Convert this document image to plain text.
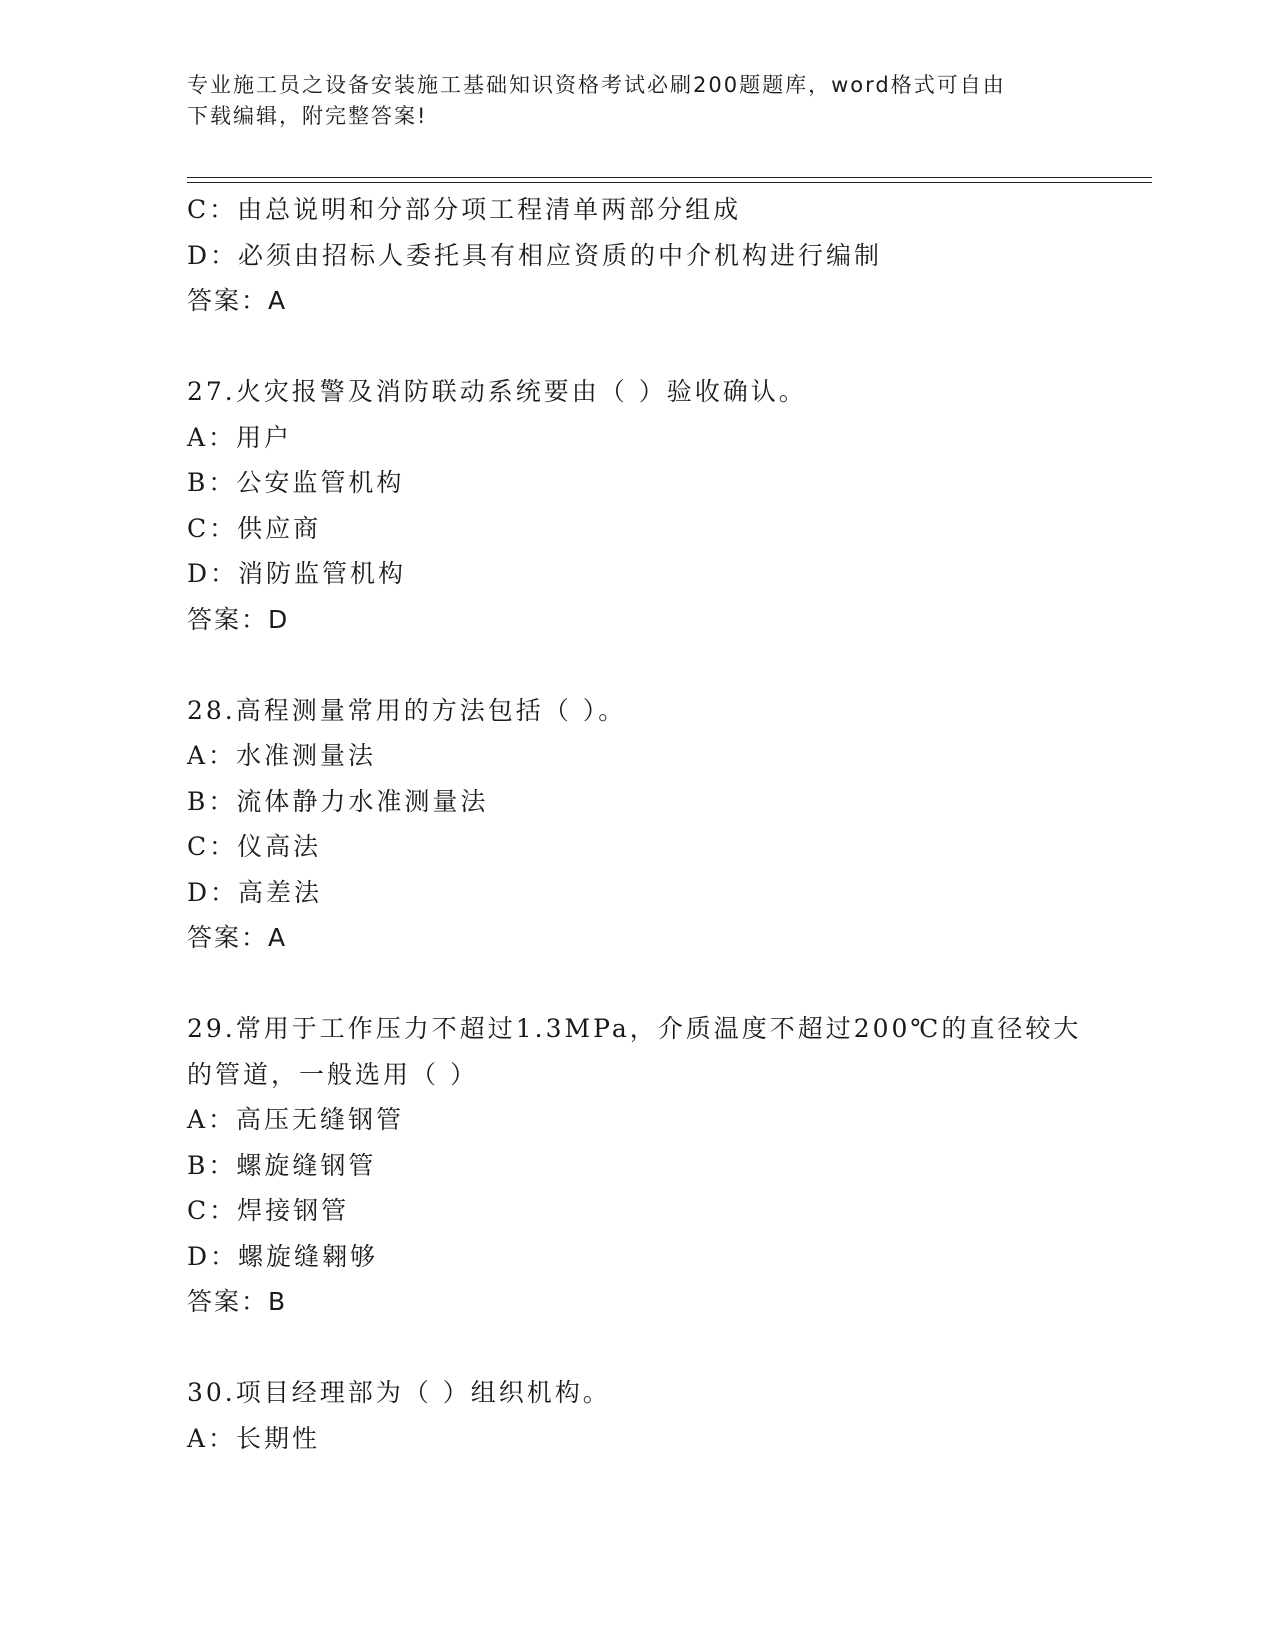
专业施工员之设备安装施工基础知识资格考试必刷200题题库，word格式可自由
下载编辑，附完整答案!
C：由总说明和分部分项工程清单两部分组成
D：必须由招标人委托具有相应资质的中介机构进行编制
答案：A
27.火灾报警及消防联动系统要由（ ）验收确认。
A：用户
B：公安监管机构
C：供应商
D：消防监管机构
答案：D
28.高程测量常用的方法包括（ ）。
A：水准测量法
B：流体静力水准测量法
C：仪高法
D：高差法
答案：A
29.常用于工作压力不超过1.3MPa，介质温度不超过200℃的直径较大
的管道，一般选用（ ）
A：高压无缝钢管
B：螺旋缝钢管
C：焊接钢管
D：螺旋缝翱够
答案：B
30.项目经理部为（ ）组织机构。
A：长期性
